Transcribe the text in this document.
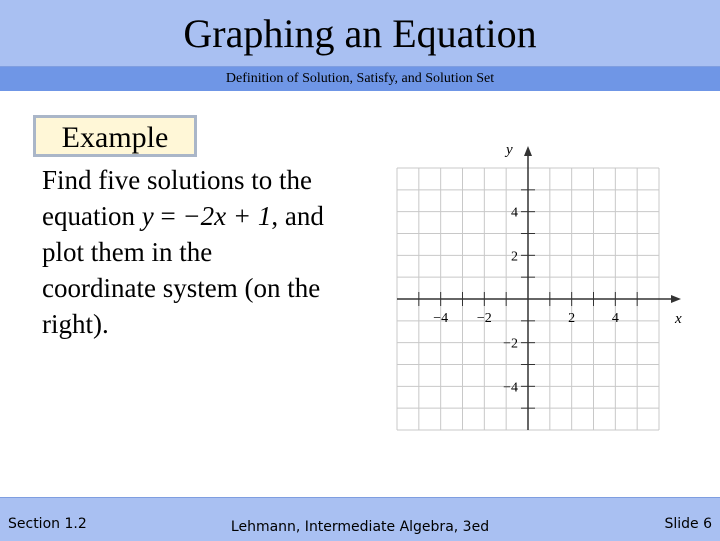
Graphing an Equation
Definition of Solution, Satisfy, and Solution Set
Example
Find five solutions to the
equation y = −2x + 1, and
plot them in the
coordinate system (on the
right).	−4 −2	2	4
4
2
−2
−4
x
y
Section 1.2	Lehmann, Intermediate Algebra, 3ed	Slide 6
